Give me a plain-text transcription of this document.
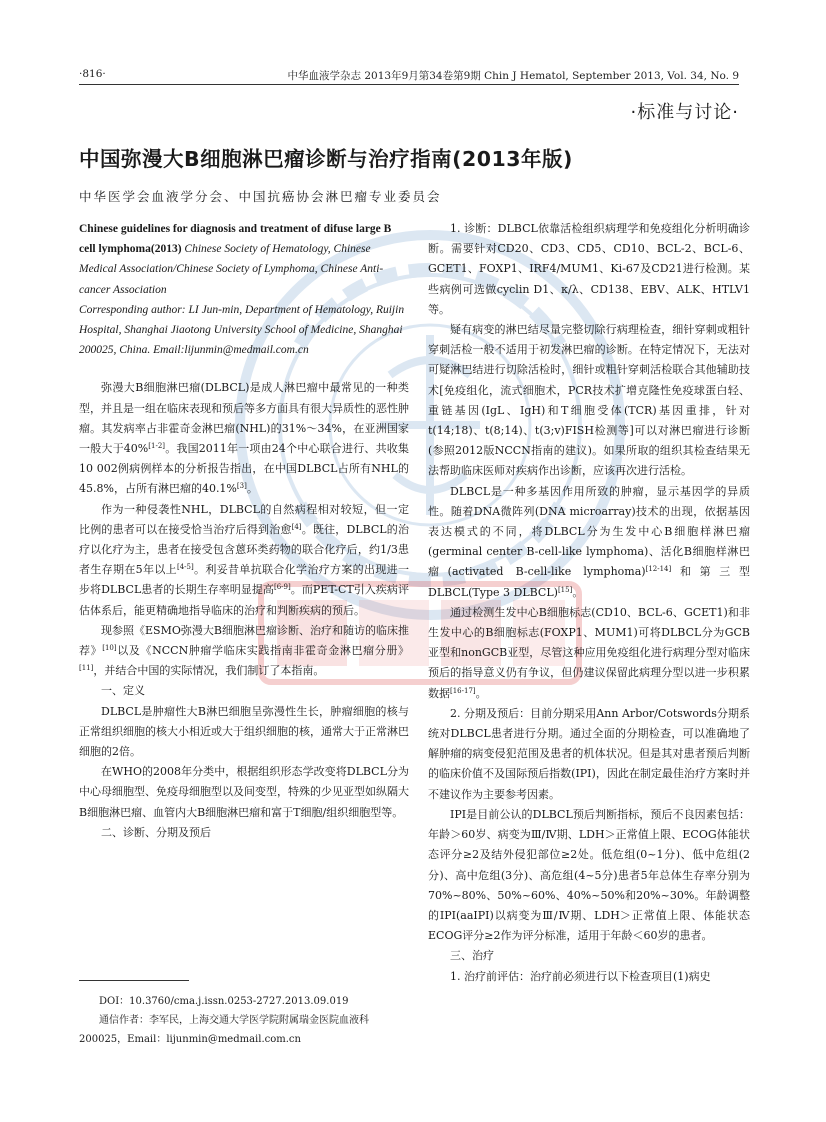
·816·	中华血液学杂志 2013年9月第34卷第9期 Chin J Hematol, September 2013, Vol. 34, No. 9
·标准与讨论·
中国弥漫大B细胞淋巴瘤诊断与治疗指南(2013年版)
中华医学会血液学分会、中国抗癌协会淋巴瘤专业委员会
Chinese guidelines for diagnosis and treatment of difuse large B cell lymphoma(2013) Chinese Society of Hematology, Chinese Medical Association/Chinese Society of Lymphoma, Chinese Anti-cancer Association
Corresponding author: LI Jun-min, Department of Hematology, Ruijin Hospital, Shanghai Jiaotong University School of Medicine, Shanghai 200025, China. Email:lijunmin@medmail.com.cn

弥漫大B细胞淋巴瘤(DLBCL)是成人淋巴瘤中最常见的一种类型，并且是一组在临床表现和预后等多方面具有很大异质性的恶性肿瘤。其发病率占非霍奇金淋巴瘤(NHL)的31%～34%，在亚洲国家一般大于40%[1-2]。我国2011年一项由24个中心联合进行、共收集10 002例病例样本的分析报告指出，在中国DLBCL占所有NHL的45.8%，占所有淋巴瘤的40.1%[3]。

作为一种侵袭性NHL，DLBCL的自然病程相对较短，但一定比例的患者可以在接受恰当治疗后得到治愈[4]。既往，DLBCL的治疗以化疗为主，患者在接受包含蒽环类药物的联合化疗后，约1/3患者生存期在5年以上[4-5]。利妥昔单抗联合化学治疗方案的出现进一步将DLBCL患者的长期生存率明显提高[6-9]。而PET-CT引入疾病评估体系后，能更精确地指导临床的治疗和判断疾病的预后。

现参照《ESMO弥漫大B细胞淋巴瘤诊断、治疗和随访的临床推荐》[10]以及《NCCN肿瘤学临床实践指南非霍奇金淋巴瘤分册》[11]，并结合中国的实际情况，我们制订了本指南。

一、定义

DLBCL是肿瘤性大B淋巴细胞呈弥漫性生长，肿瘤细胞的核与正常组织细胞的核大小相近或大于组织细胞的核，通常大于正常淋巴细胞的2倍。

在WHO的2008年分类中，根据组织形态学改变将DLBCL分为中心母细胞型、免疫母细胞型以及间变型，特殊的少见亚型如纵隔大B细胞淋巴瘤、血管内大B细胞淋巴瘤和富于T细胞/组织细胞型等。

二、诊断、分期及预后

DOI：10.3760/cma.j.issn.0253-2727.2013.09.019
通信作者：李军民，上海交通大学医学院附属瑞金医院血液科 200025，Email：lijunmin@medmail.com.cn

1. 诊断：DLBCL依靠活检组织病理学和免疫组化分析明确诊断。需要针对CD20、CD3、CD5、CD10、BCL-2、BCL-6、GCET1、FOXP1、IRF4/MUM1、Ki-67及CD21进行检测。某些病例可选做cyclin D1、κ/λ、CD138、EBV、ALK、HTLV1等。

疑有病变的淋巴结尽量完整切除行病理检查，细针穿刺或粗针穿刺活检一般不适用于初发淋巴瘤的诊断。在特定情况下，无法对可疑淋巴结进行切除活检时，细针或粗针穿刺活检联合其他辅助技术[免疫组化，流式细胞术，PCR技术扩增克隆性免疫球蛋白轻、重链基因(IgL、IgH)和T细胞受体(TCR)基因重排，针对t(14;18)、t(8;14)、t(3;v)FISH检测等]可以对淋巴瘤进行诊断(参照2012版NCCN指南的建议)。如果所取的组织其检查结果无法帮助临床医师对疾病作出诊断，应该再次进行活检。

DLBCL是一种多基因作用所致的肿瘤，显示基因学的异质性。随着DNA微阵列(DNA microarray)技术的出现，依据基因表达模式的不同，将DLBCL分为生发中心B细胞样淋巴瘤(germinal center B-cell-like lymphoma)、活化B细胞样淋巴瘤(activated B-cell-like lymphoma)[12-14]和第三型DLBCL(Type 3 DLBCL)[15]。

通过检测生发中心B细胞标志(CD10、BCL-6、GCET1)和非生发中心的B细胞标志(FOXP1、MUM1)可将DLBCL分为GCB亚型和nonGCB亚型，尽管这种应用免疫组化进行病理分型对临床预后的指导意义仍有争议，但仍建议保留此病理分型以进一步积累数据[16-17]。

2. 分期及预后：目前分期采用Ann Arbor/Cotswords分期系统对DLBCL患者进行分期。通过全面的分期检查，可以准确地了解肿瘤的病变侵犯范围及患者的机体状况。但是其对患者预后判断的临床价值不及国际预后指数(IPI)，因此在制定最佳治疗方案时并不建议作为主要参考因素。

IPI是目前公认的DLBCL预后判断指标，预后不良因素包括：年龄＞60岁、病变为Ⅲ/Ⅳ期、LDH＞正常值上限、ECOG体能状态评分≥2及结外侵犯部位≥2处。低危组(0~1分)、低中危组(2分)、高中危组(3分)、高危组(4~5分)患者5年总体生存率分别为70%~80%、50%~60%、40%~50%和20%~30%。年龄调整的IPI(aaIPI)以病变为Ⅲ/Ⅳ期、LDH＞正常值上限、体能状态ECOG评分≥2作为评分标准，适用于年龄＜60岁的患者。

三、治疗

1. 治疗前评估：治疗前必须进行以下检查项目(1)病史
